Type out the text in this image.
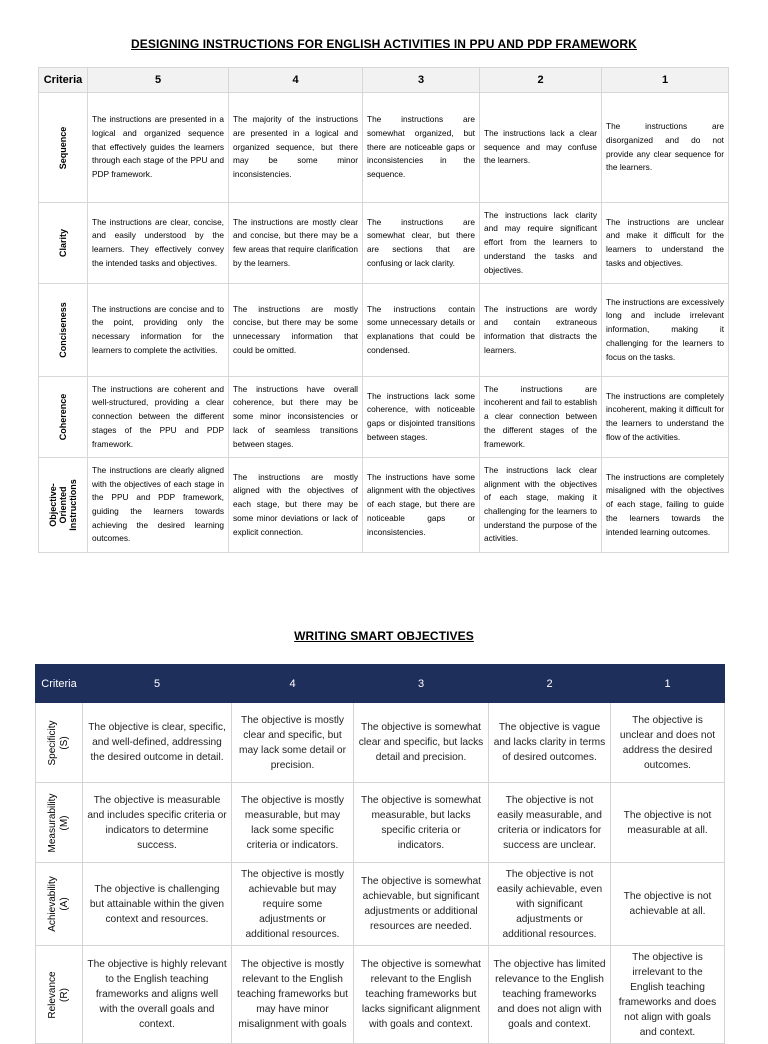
DESIGNING INSTRUCTIONS FOR ENGLISH ACTIVITIES IN PPU AND PDP FRAMEWORK
Criteria	5	4	3	2	1

Sequence	The instructions are presented in a logical and organized sequence that effectively guides the learners through each stage of the PPU and PDP framework.	The majority of the instructions are presented in a logical and organized sequence, but there may be some minor inconsistencies.	The instructions are somewhat organized, but there are noticeable gaps or inconsistencies in the sequence.	The instructions lack a clear sequence and may confuse the learners.	The instructions are disorganized and do not provide any clear sequence for the learners.

Clarity	The instructions are clear, concise, and easily understood by the learners. They effectively convey the intended tasks and objectives.	The instructions are mostly clear and concise, but there may be a few areas that require clarification by the learners.	The instructions are somewhat clear, but there are sections that are confusing or lack clarity.	The instructions lack clarity and may require significant effort from the learners to understand the tasks and objectives.	The instructions are unclear and make it difficult for the learners to understand the tasks and objectives.

Conciseness	The instructions are concise and to the point, providing only the necessary information for the learners to complete the activities.	The instructions are mostly concise, but there may be some unnecessary information that could be omitted.	The instructions contain some unnecessary details or explanations that could be condensed.	The instructions are wordy and contain extraneous information that distracts the learners.	The instructions are excessively long and include irrelevant information, making it challenging for the learners to focus on the tasks.

Coherence	The instructions are coherent and well-structured, providing a clear connection between the different stages of the PPU and PDP framework.	The instructions have overall coherence, but there may be some minor inconsistencies or lack of seamless transitions between stages.	The instructions lack some coherence, with noticeable gaps or disjointed transitions between stages.	The instructions are incoherent and fail to establish a clear connection between the different stages of the framework.	The instructions are completely incoherent, making it difficult for the learners to understand the flow of the activities.

Objective- Oriented Instructions	The instructions are clearly aligned with the objectives of each stage in the PPU and PDP framework, guiding the learners towards achieving the desired learning outcomes.	The instructions are mostly aligned with the objectives of each stage, but there may be some minor deviations or lack of explicit connection.	The instructions have some alignment with the objectives of each stage, but there are noticeable gaps or inconsistencies.	The instructions lack clear alignment with the objectives of each stage, making it challenging for the learners to understand the purpose of the activities.	The instructions are completely misaligned with the objectives of each stage, failing to guide the learners towards the intended learning outcomes.
WRITING SMART OBJECTIVES
Criteria	5	4	3	2	1

Specificity (S)	The objective is clear, specific, and well-defined, addressing the desired outcome in detail.	The objective is mostly clear and specific, but may lack some detail or precision.	The objective is somewhat clear and specific, but lacks detail and precision.	The objective is vague and lacks clarity in terms of desired outcomes.	The objective is unclear and does not address the desired outcomes.

Measurability (M)	The objective is measurable and includes specific criteria or indicators to determine success.	The objective is mostly measurable, but may lack some specific criteria or indicators.	The objective is somewhat measurable, but lacks specific criteria or indicators.	The objective is not easily measurable, and criteria or indicators for success are unclear.	The objective is not measurable at all.

Achievability (A)	The objective is challenging but attainable within the given context and resources.	The objective is mostly achievable but may require some adjustments or additional resources.	The objective is somewhat achievable, but significant adjustments or additional resources are needed.	The objective is not easily achievable, even with significant adjustments or additional resources.	The objective is not achievable at all.

Relevance (R)	The objective is highly relevant to the English teaching frameworks and aligns well with the overall goals and context.	The objective is mostly relevant to the English teaching frameworks but may have minor misalignment with goals	The objective is somewhat relevant to the English teaching frameworks but lacks significant alignment with goals and context.	The objective has limited relevance to the English teaching frameworks and does not align with goals and context.	The objective is irrelevant to the English teaching frameworks and does not align with goals and context.
